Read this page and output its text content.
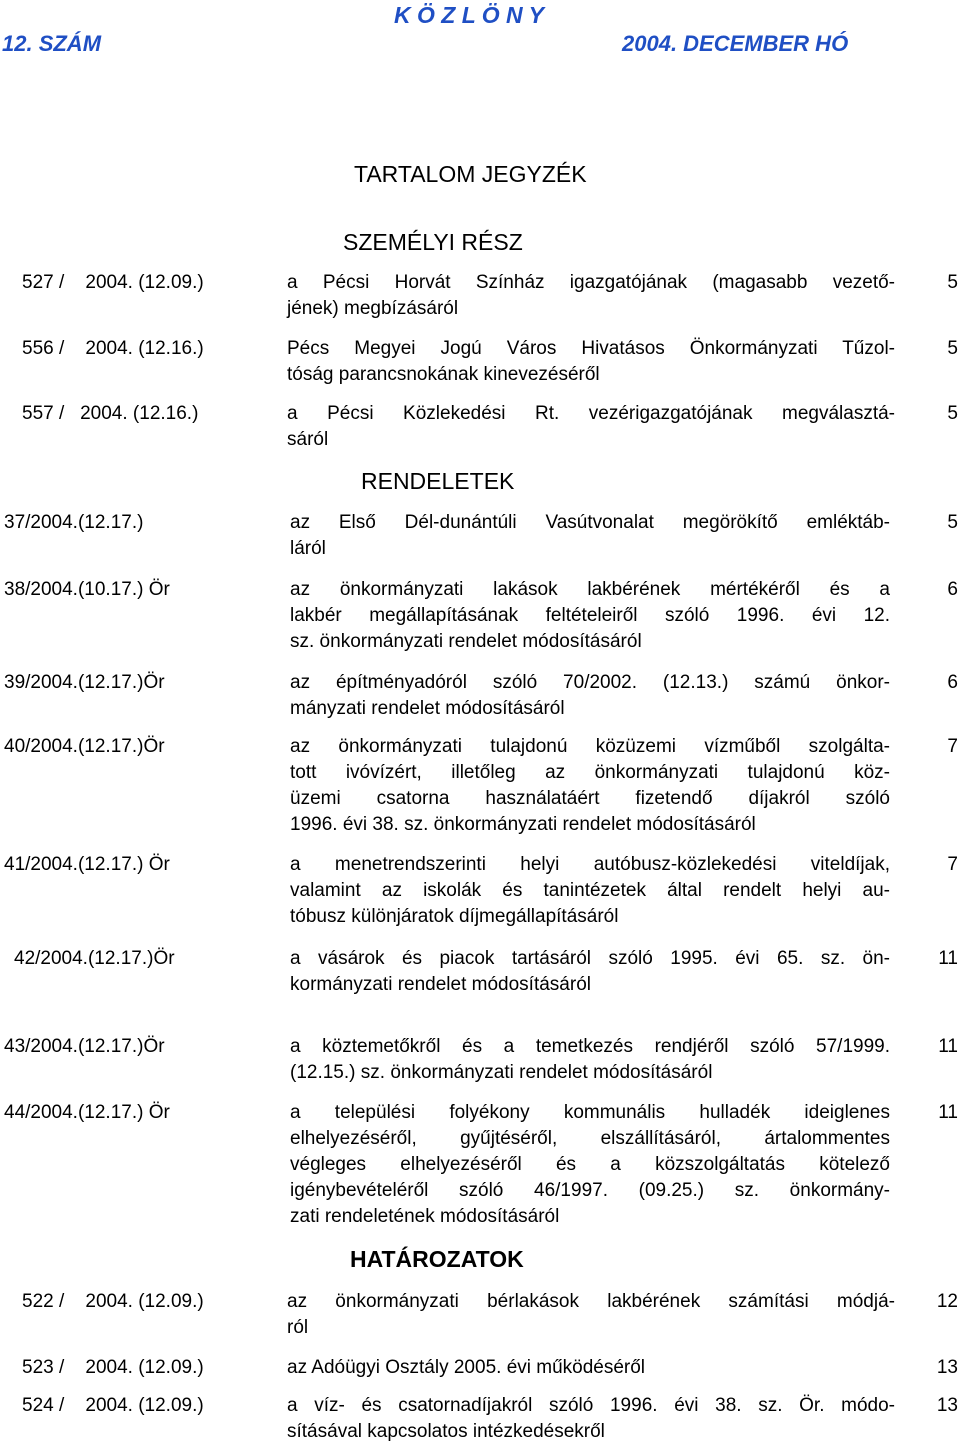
K Ö Z L Ö N Y
12. SZÁM	2004. DECEMBER HÓ
TARTALOM JEGYZÉK
SZEMÉLYI RÉSZ
527 /    2004. (12.09.)	a Pécsi Horvát Színház igazgatójának (magasabb vezető-
jének) megbízásáról
5
556 /    2004. (12.16.)	Pécs Megyei Jogú Város Hivatásos Önkormányzati Tűzol-
tóság parancsnokának kinevezéséről
5
557 /   2004. (12.16.)	a Pécsi Közlekedési Rt. vezérigazgatójának megválasztá-
sáról
5
RENDELETEK
37/2004.(12.17.)	az Első Dél-dunántúli Vasútvonalat megörökítő emléktáb-
láról
5
38/2004.(10.17.) Ör	az önkormányzati lakások lakbérének mértékéről és a
lakbér megállapításának feltételeiről szóló 1996. évi 12.
sz. önkormányzati rendelet módosításáról
6
39/2004.(12.17.)Ör	az építményadóról szóló 70/2002. (12.13.) számú önkor-
mányzati rendelet módosításáról
6
40/2004.(12.17.)Ör	az önkormányzati tulajdonú közüzemi vízműből szolgálta-
tott ivóvízért, illetőleg az önkormányzati tulajdonú köz-
üzemi csatorna használatáért fizetendő díjakról szóló
1996. évi 38. sz. önkormányzati rendelet módosításáról
7
41/2004.(12.17.) Ör	a menetrendszerinti helyi autóbusz-közlekedési viteldíjak,
valamint az iskolák és tanintézetek által rendelt helyi au-
tóbusz különjáratok díjmegállapításáról
7
42/2004.(12.17.)Ör	a vásárok és piacok tartásáról szóló 1995. évi 65. sz. ön-
kormányzati rendelet módosításáról
11
43/2004.(12.17.)Ör	a köztemetőkről és a temetkezés rendjéről szóló 57/1999.
(12.15.) sz. önkormányzati rendelet módosításáról
11
44/2004.(12.17.) Ör	a települési folyékony kommunális hulladék ideiglenes
elhelyezéséről, gyűjtéséről, elszállításáról, ártalommentes
végleges elhelyezéséről és a közszolgáltatás kötelező
igénybevételéről szóló 46/1997. (09.25.) sz. önkormány-
zati rendeletének módosításáról
11
HATÁROZATOK
522 /    2004. (12.09.)	az önkormányzati bérlakások lakbérének számítási módjá-
ról
12
523 /    2004. (12.09.)	az Adóügyi Osztály 2005. évi működéséről	13
524 /    2004. (12.09.)	a víz- és csatornadíjakról szóló 1996. évi 38. sz. Ör. módo-
sításával kapcsolatos intézkedésekről
13
